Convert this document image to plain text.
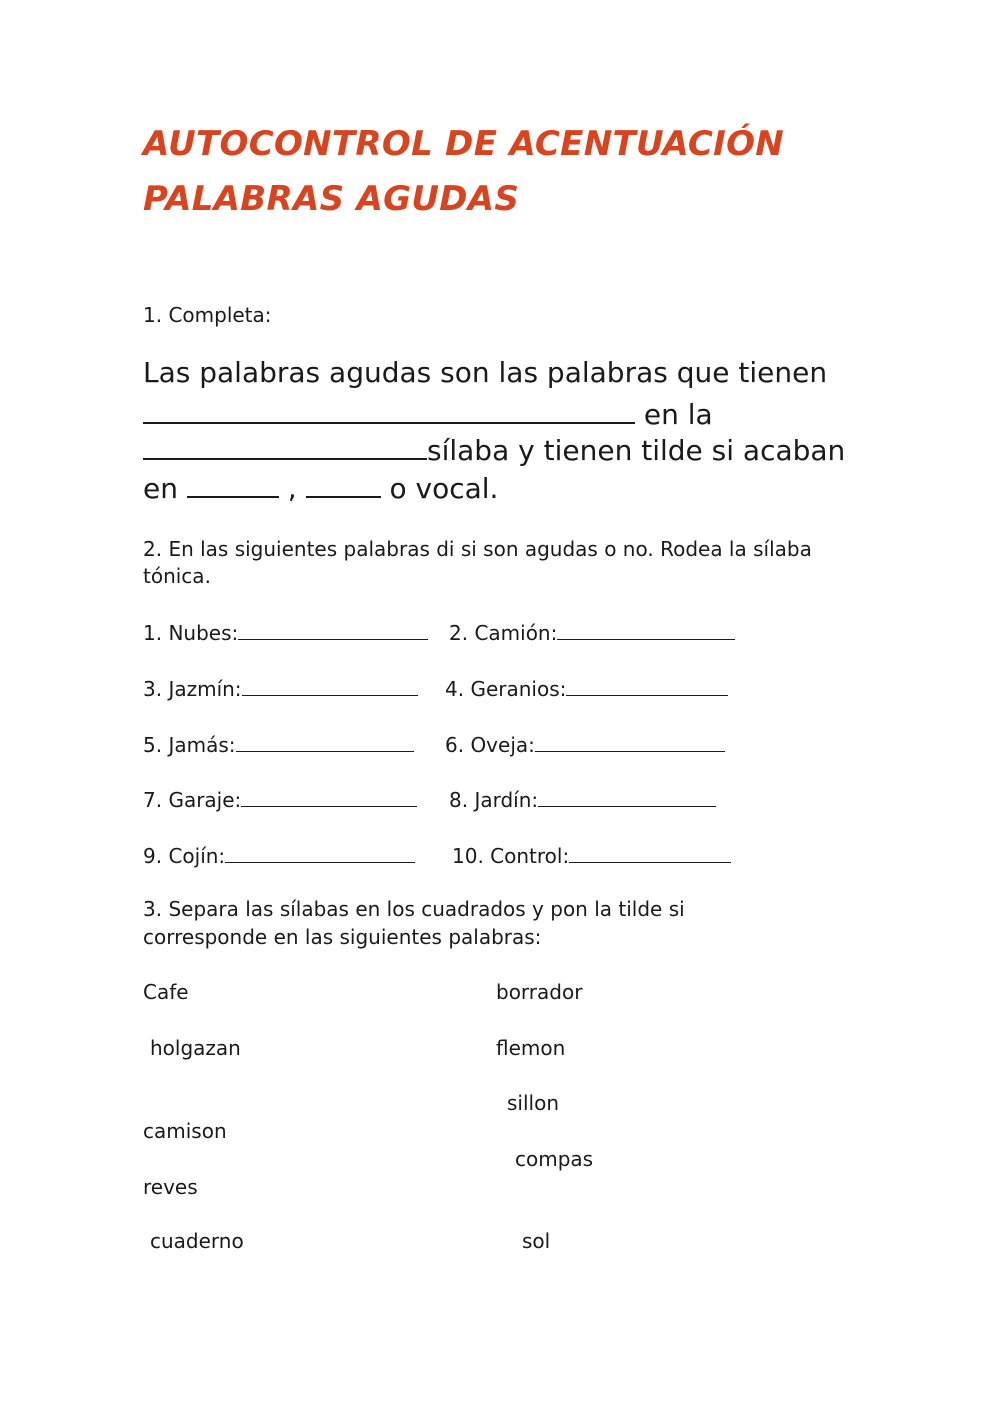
AUTOCONTROL DE ACENTUACIÓN
PALABRAS AGUDAS
1. Completa:
Las palabras agudas son las palabras que tienen
en la
sílaba y tienen tilde si acaban
en	,	o vocal.
2. En las siguientes palabras di si son agudas o no. Rodea la sílaba
tónica.
1. Nubes:	2. Camión:
3. Jazmín:	4. Geranios:
5. Jamás:	6. Oveja:
7. Garaje:	8. Jardín:
9. Cojín:	10. Control:
3. Separa las sílabas en los cuadrados y pon la tilde si
corresponde en las siguientes palabras:
Cafe
holgazan
camison
reves
cuaderno
borrador
flemon
sillon
compas
sol
